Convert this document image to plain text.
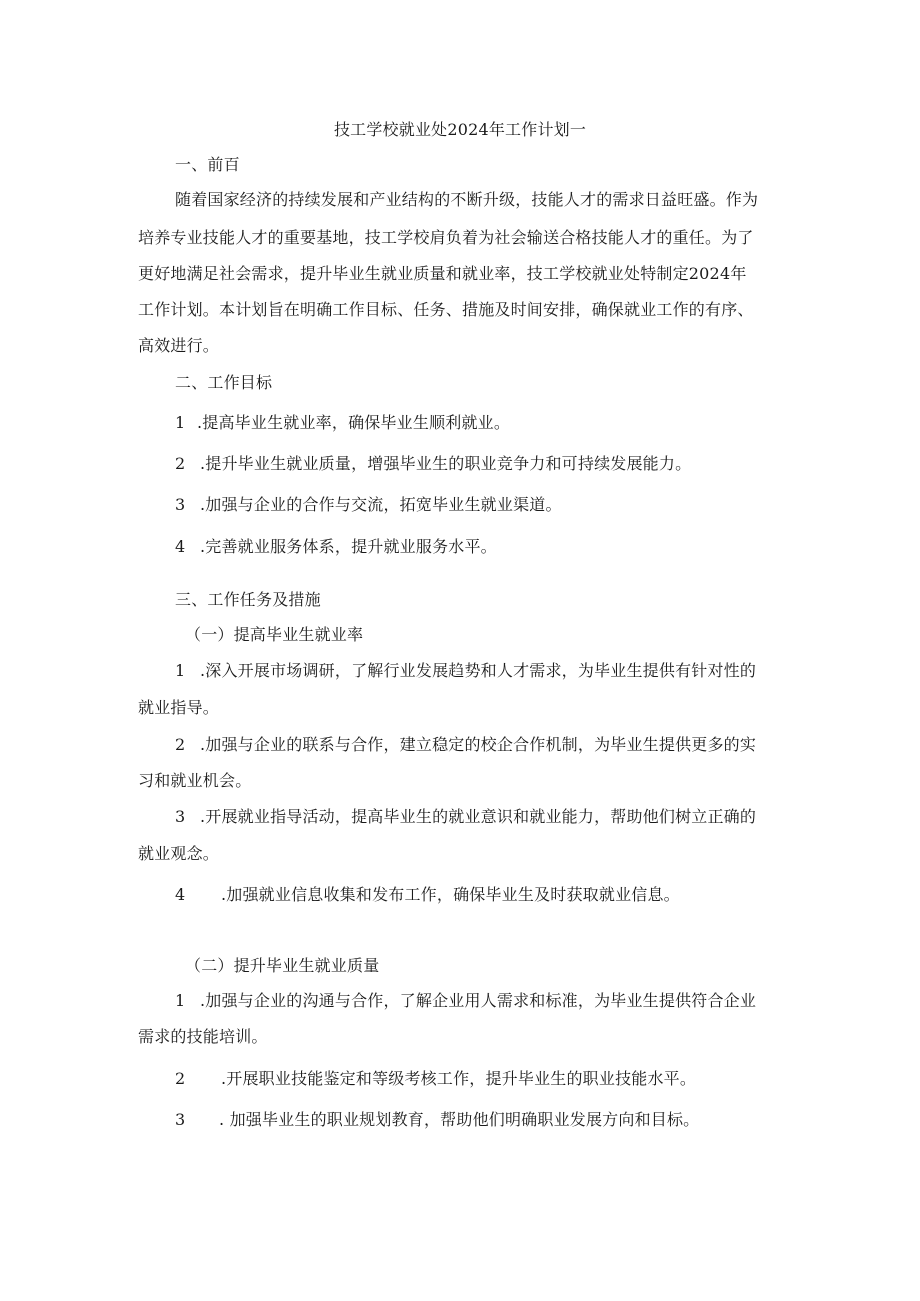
技工学校就业处2024年工作计划一
一、前百
随着国家经济的持续发展和产业结构的不断升级，技能人才的需求日益旺盛。作为
培养专业技能人才的重要基地，技工学校肩负着为社会输送合格技能人才的重任。为了
更好地满足社会需求，提升毕业生就业质量和就业率，技工学校就业处特制定2024年
工作计划。本计划旨在明确工作目标、任务、措施及时间安排，确保就业工作的有序、
高效进行。
二、工作目标
1 .提高毕业生就业率，确保毕业生顺利就业。
2 .提升毕业生就业质量，增强毕业生的职业竞争力和可持续发展能力。
3 .加强与企业的合作与交流，拓宽毕业生就业渠道。
4 .完善就业服务体系，提升就业服务水平。
三、工作任务及措施
（一）提高毕业生就业率
1 .深入开展市场调研，了解行业发展趋势和人才需求，为毕业生提供有针对性的
就业指导。
2 .加强与企业的联系与合作，建立稳定的校企合作机制，为毕业生提供更多的实
习和就业机会。
3 .开展就业指导活动，提高毕业生的就业意识和就业能力，帮助他们树立正确的
就业观念。
4 .加强就业信息收集和发布工作，确保毕业生及时获取就业信息。
（二）提升毕业生就业质量
1 .加强与企业的沟通与合作，了解企业用人需求和标准，为毕业生提供符合企业
需求的技能培训。
2 .开展职业技能鉴定和等级考核工作，提升毕业生的职业技能水平。
3 . 加强毕业生的职业规划教育，帮助他们明确职业发展方向和目标。
